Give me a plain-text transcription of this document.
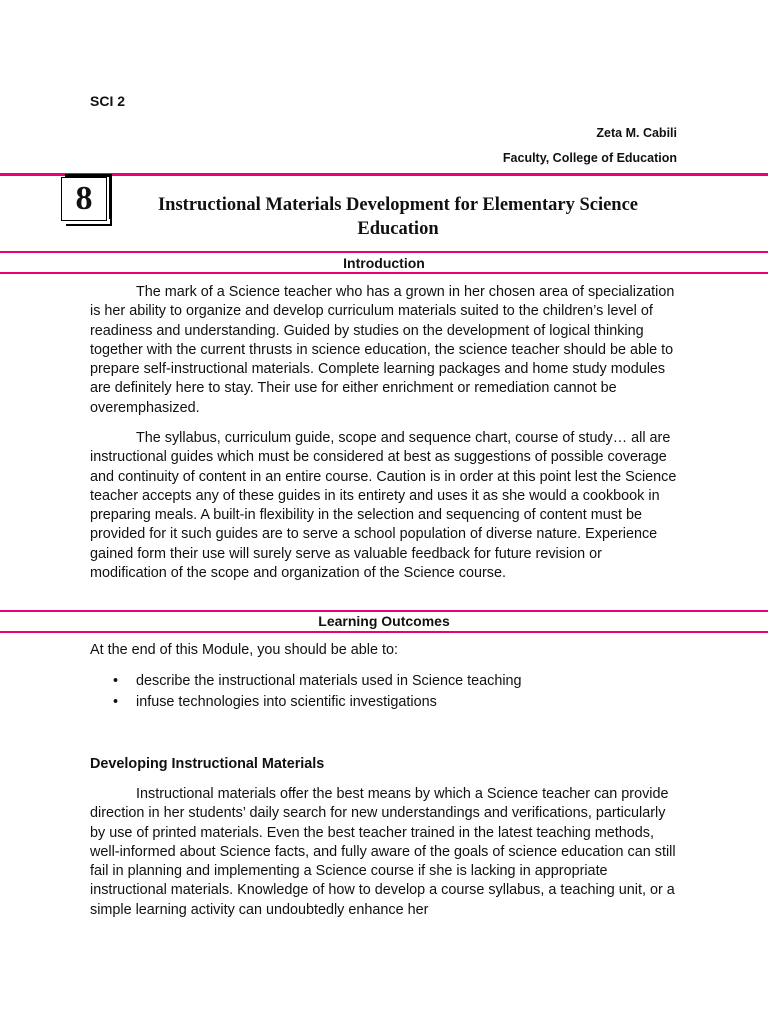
SCI 2
Zeta M. Cabili
Faculty, College of Education
8	Instructional Materials Development for Elementary Science Education
Introduction

The mark of a Science teacher who has a grown in her chosen area of specialization is her ability to organize and develop curriculum materials suited to the children’s level of readiness and understanding. Guided by studies on the development of logical thinking together with the current thrusts in science education, the science teacher should be able to prepare self-instructional materials. Complete learning packages and home study modules are definitely here to stay. Their use for either enrichment or remediation cannot be overemphasized.

The syllabus, curriculum guide, scope and sequence chart, course of study… all are instructional guides which must be considered at best as suggestions of possible coverage and continuity of content in an entire course. Caution is in order at this point lest the Science teacher accepts any of these guides in its entirety and uses it as she would a cookbook in preparing meals. A built-in flexibility in the selection and sequencing of content must be provided for it such guides are to serve a school population of diverse nature. Experience gained form their use will surely serve as valuable feedback for future revision or modification of the scope and organization of the Science course.

Learning Outcomes
At the end of this Module, you should be able to:
• describe the instructional materials used in Science teaching
• infuse technologies into scientific investigations
Developing Instructional Materials

Instructional materials offer the best means by which a Science teacher can provide direction in her students’ daily search for new understandings and verifications, particularly by use of printed materials. Even the best teacher trained in the latest teaching methods, well-informed about Science facts, and fully aware of the goals of science education can still fail in planning and implementing a Science course if she is lacking in appropriate instructional materials. Knowledge of how to develop a course syllabus, a teaching unit, or a simple learning activity can undoubtedly enhance her
